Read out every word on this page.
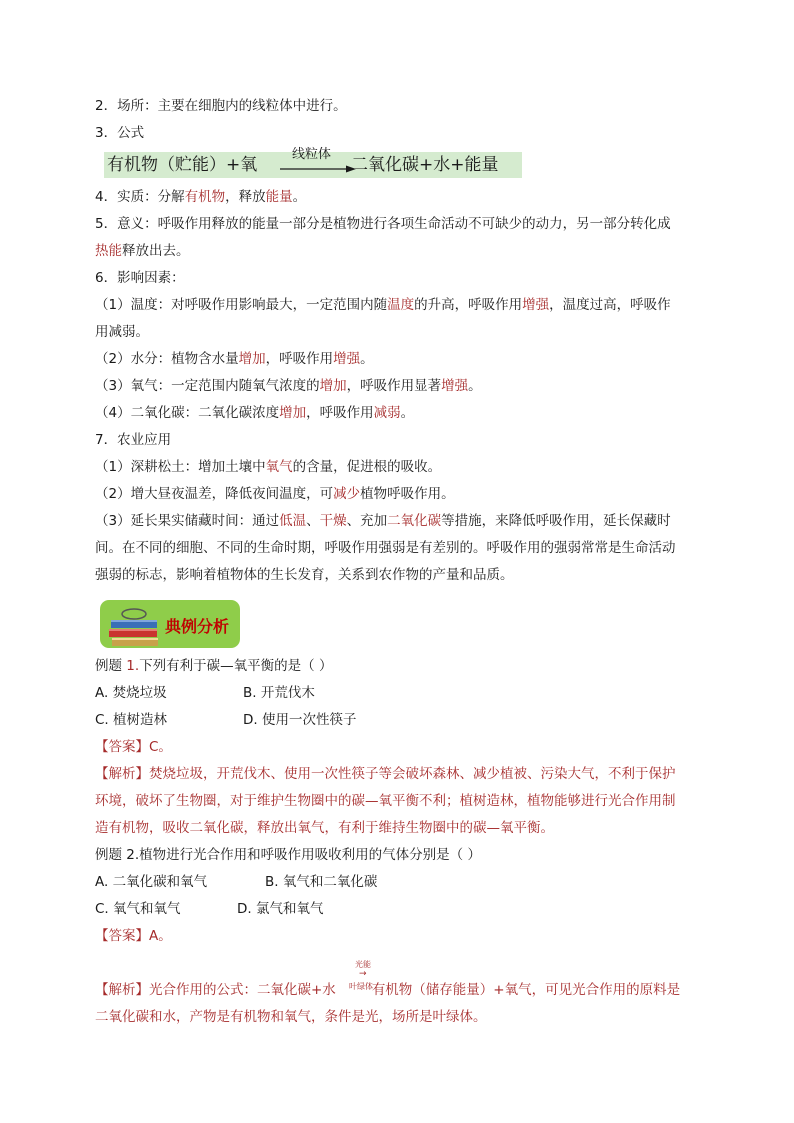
2．场所：主要在细胞内的线粒体中进行。
3．公式
有机物（贮能）+氧
线粒体
二氧化碳+水+能量
4．实质：分解有机物，释放能量。
5．意义：呼吸作用释放的能量一部分是植物进行各项生命活动不可缺少的动力，另一部分转化成
热能释放出去。
6．影响因素：
（1）温度：对呼吸作用影响最大，一定范围内随温度的升高，呼吸作用增强，温度过高，呼吸作
用减弱。
（2）水分：植物含水量增加，呼吸作用增强。
（3）氧气：一定范围内随氧气浓度的增加，呼吸作用显著增强。
（4）二氧化碳：二氧化碳浓度增加，呼吸作用减弱。
7．农业应用
（1）深耕松土：增加土壤中氧气的含量，促进根的吸收。
（2）增大昼夜温差，降低夜间温度，可减少植物呼吸作用。
（3）延长果实储藏时间：通过低温、干燥、充加二氧化碳等措施，来降低呼吸作用，延长保藏时
间。在不同的细胞、不同的生命时期，呼吸作用强弱是有差别的。呼吸作用的强弱常常是生命活动
强弱的标志，影响着植物体的生长发育，关系到农作物的产量和品质。
典例分析
例题 1.下列有利于碳—氧平衡的是（ ）
A. 焚烧垃圾	B. 开荒伐木
C. 植树造林	D. 使用一次性筷子
【答案】C。
【解析】焚烧垃圾，开荒伐木、使用一次性筷子等会破坏森林、减少植被、污染大气，不利于保护
环境，破坏了生物圈，对于维护生物圈中的碳—氧平衡不利；植树造林，植物能够进行光合作用制
造有机物，吸收二氧化碳，释放出氧气，有利于维持生物圈中的碳—氧平衡。
例题 2.植物进行光合作用和呼吸作用吸收利用的气体分别是（ ）
A. 二氧化碳和氧气	B. 氧气和二氧化碳
C. 氧气和氧气	D. 氯气和氧气
【答案】A。
【解析】光合作用的公式：二氧化碳+水	有机物（储存能量）+氧气，可见光合作用的原料是
光能
→
叶绿体
二氧化碳和水，产物是有机物和氧气，条件是光，场所是叶绿体。
